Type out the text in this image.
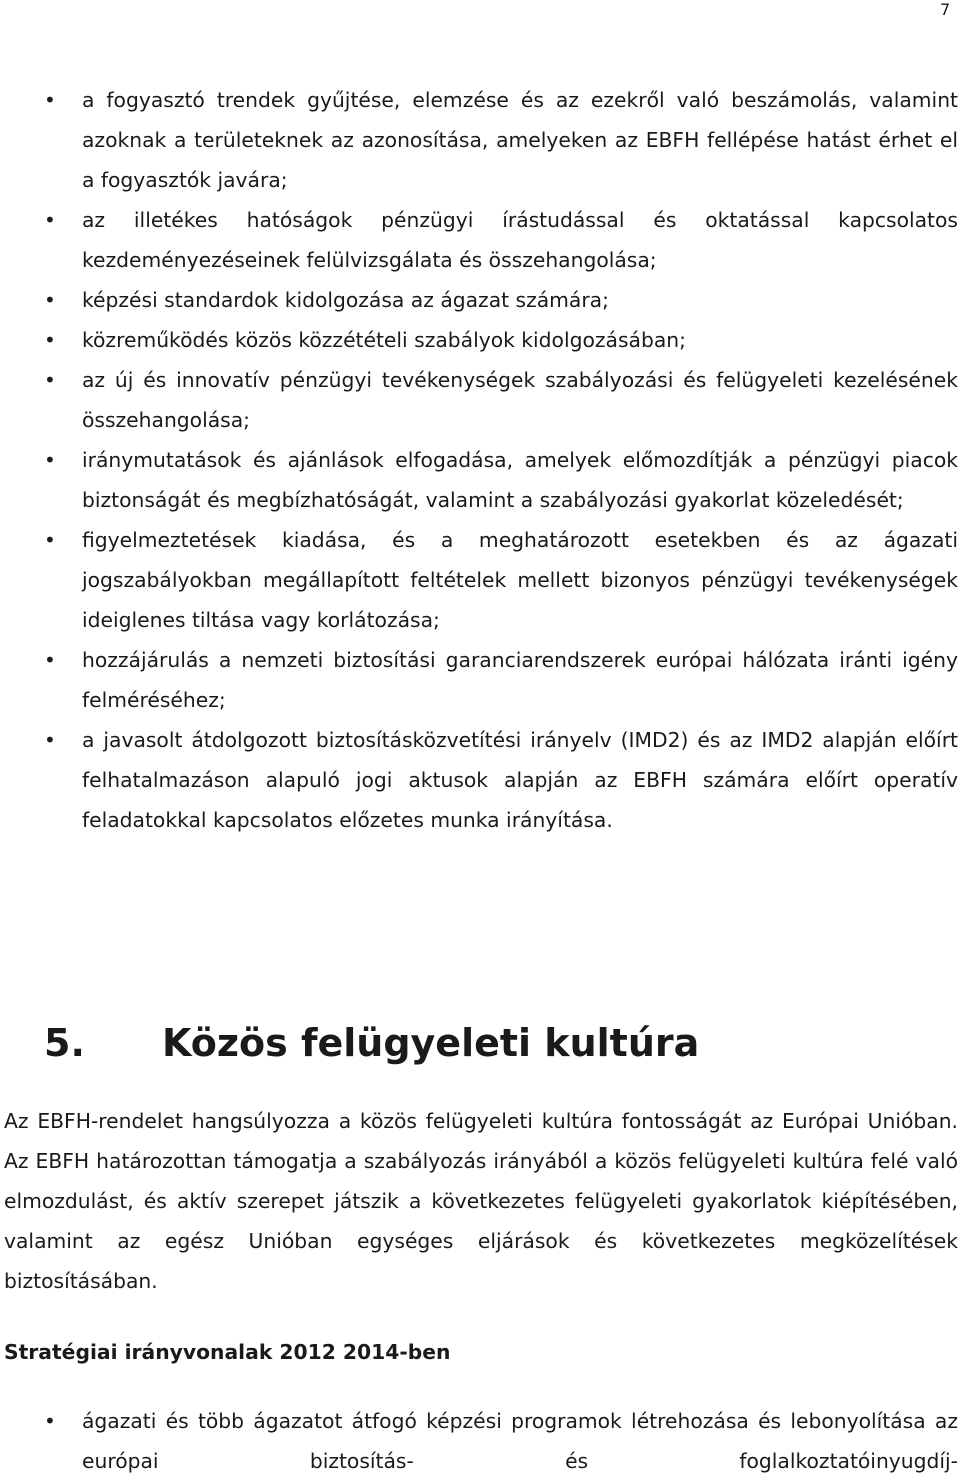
7
• a fogyasztó trendek gyűjtése, elemzése és az ezekről való beszámolás, valamint azoknak a területeknek az azonosítása, amelyeken az EBFH fellépése hatást érhet el a fogyasztók javára;
• az illetékes hatóságok pénzügyi írástudással és oktatással kapcsolatos kezdeményezéseinek felülvizsgálata és összehangolása;
• képzési standardok kidolgozása az ágazat számára;
• közreműködés közös közzétételi szabályok kidolgozásában;
• az új és innovatív pénzügyi tevékenységek szabályozási és felügyeleti kezelésének összehangolása;
• iránymutatások és ajánlások elfogadása, amelyek előmozdítják a pénzügyi piacok biztonságát és megbízhatóságát, valamint a szabályozási gyakorlat közeledését;
• figyelmeztetések kiadása, és a meghatározott esetekben és az ágazati jogszabályokban megállapított feltételek mellett bizonyos pénzügyi tevékenységek ideiglenes tiltása vagy korlátozása;
• hozzájárulás a nemzeti biztosítási garanciarendszerek európai hálózata iránti igény felméréséhez;
• a javasolt átdolgozott biztosításközvetítési irányelv (IMD2) és az IMD2 alapján előírt felhatalmazáson alapuló jogi aktusok alapján az EBFH számára előírt operatív feladatokkal kapcsolatos előzetes munka irányítása.
5. Közös felügyeleti kultúra

Az EBFH-rendelet hangsúlyozza a közös felügyeleti kultúra fontosságát az Európai Unióban. Az EBFH határozottan támogatja a szabályozás irányából a közös felügyeleti kultúra felé való elmozdulást, és aktív szerepet játszik a következetes felügyeleti gyakorlatok kiépítésében, valamint az egész Unióban egységes eljárások és következetes megközelítések biztosításában.

Stratégiai irányvonalak 2012 2014-ben

• ágazati és több ágazatot átfogó képzési programok létrehozása és lebonyolítása az európai biztosítás- és foglalkoztatóinyugdíj-
